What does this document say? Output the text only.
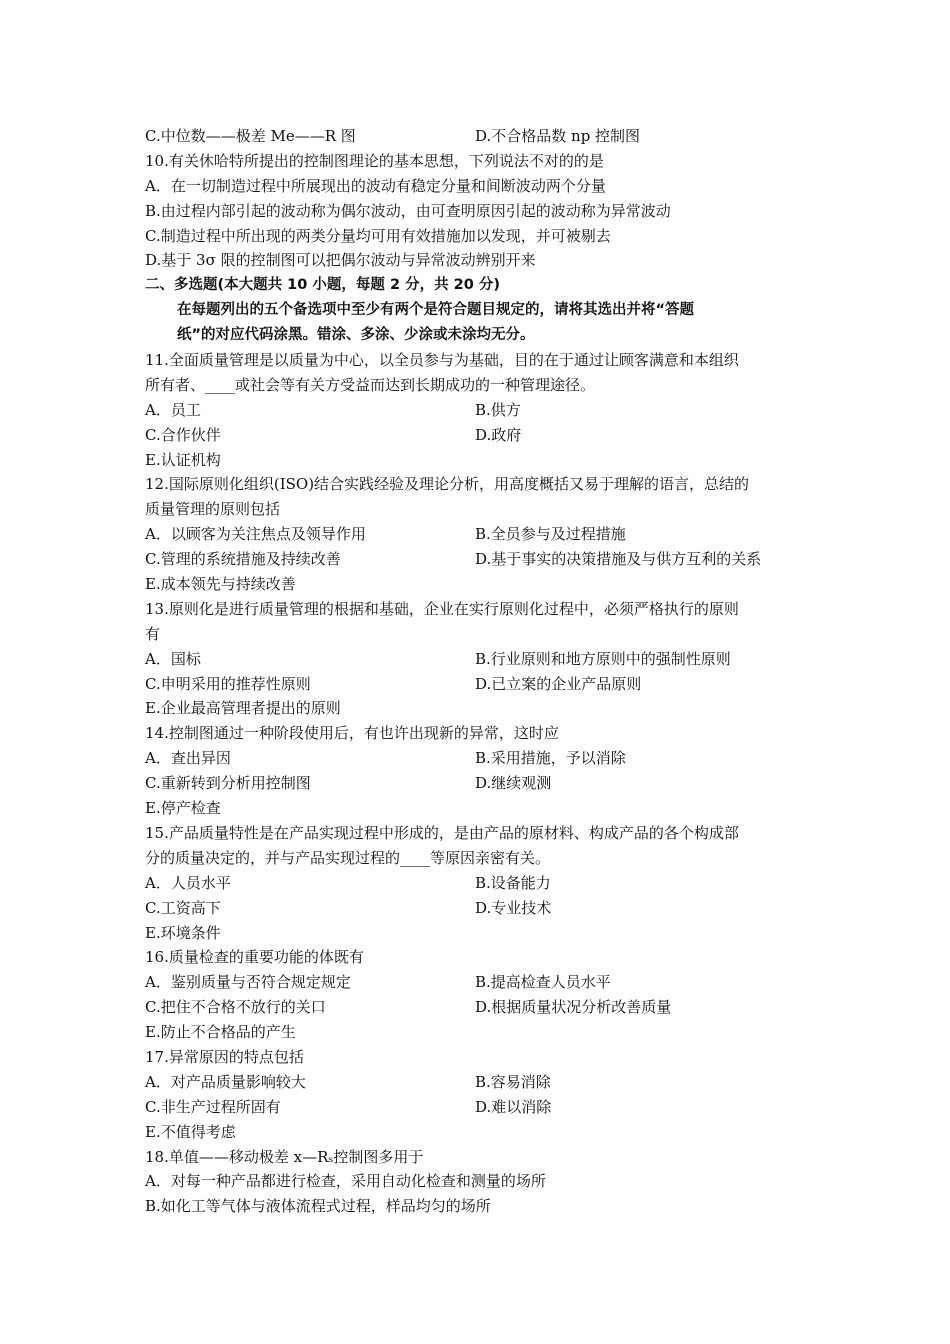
C.中位数——极差 Me——R 图	D.不合格品数 np 控制图
10.有关休哈特所提出的控制图理论的基本思想，下列说法不对的的是
A．在一切制造过程中所展现出的波动有稳定分量和间断波动两个分量
B.由过程内部引起的波动称为偶尔波动，由可查明原因引起的波动称为异常波动
C.制造过程中所出现的两类分量均可用有效措施加以发现，并可被剔去
D.基于 3σ 限的控制图可以把偶尔波动与异常波动辨别开来
二、多选题(本大题共 10 小题，每题 2 分，共 20 分)
在每题列出的五个备选项中至少有两个是符合题目规定的，请将其选出并将“答题
纸”的对应代码涂黑。错涂、多涂、少涂或未涂均无分。
11.全面质量管理是以质量为中心，以全员参与为基础，目的在于通过让顾客满意和本组织
所有者、____或社会等有关方受益而达到长期成功的一种管理途径。
A．员工	B.供方
C.合作伙伴	D.政府
E.认证机构
12.国际原则化组织(ISO)结合实践经验及理论分析，用高度概括又易于理解的语言，总结的
质量管理的原则包括
A．以顾客为关注焦点及领导作用	B.全员参与及过程措施
C.管理的系统措施及持续改善	D.基于事实的决策措施及与供方互利的关系
E.成本领先与持续改善
13.原则化是进行质量管理的根据和基础，企业在实行原则化过程中，必须严格执行的原则
有
A．国标	B.行业原则和地方原则中的强制性原则
C.申明采用的推荐性原则	D.已立案的企业产品原则
E.企业最高管理者提出的原则
14.控制图通过一种阶段使用后，有也许出现新的异常，这时应
A．查出异因	B.采用措施，予以消除
C.重新转到分析用控制图	D.继续观测
E.停产检查
15.产品质量特性是在产品实现过程中形成的，是由产品的原材料、构成产品的各个构成部
分的质量决定的，并与产品实现过程的____等原因亲密有关。
A．人员水平	B.设备能力
C.工资高下	D.专业技术
E.环境条件
16.质量检查的重要功能的体既有
A．鉴别质量与否符合规定规定	B.提高检查人员水平
C.把住不合格不放行的关口	D.根据质量状况分析改善质量
E.防止不合格品的产生
17.异常原因的特点包括
A．对产品质量影响较大	B.容易消除
C.非生产过程所固有	D.难以消除
E.不值得考虑
18.单值——移动极差 x—Rₛ控制图多用于
A．对每一种产品都进行检查，采用自动化检查和测量的场所
B.如化工等气体与液体流程式过程，样品均匀的场所
